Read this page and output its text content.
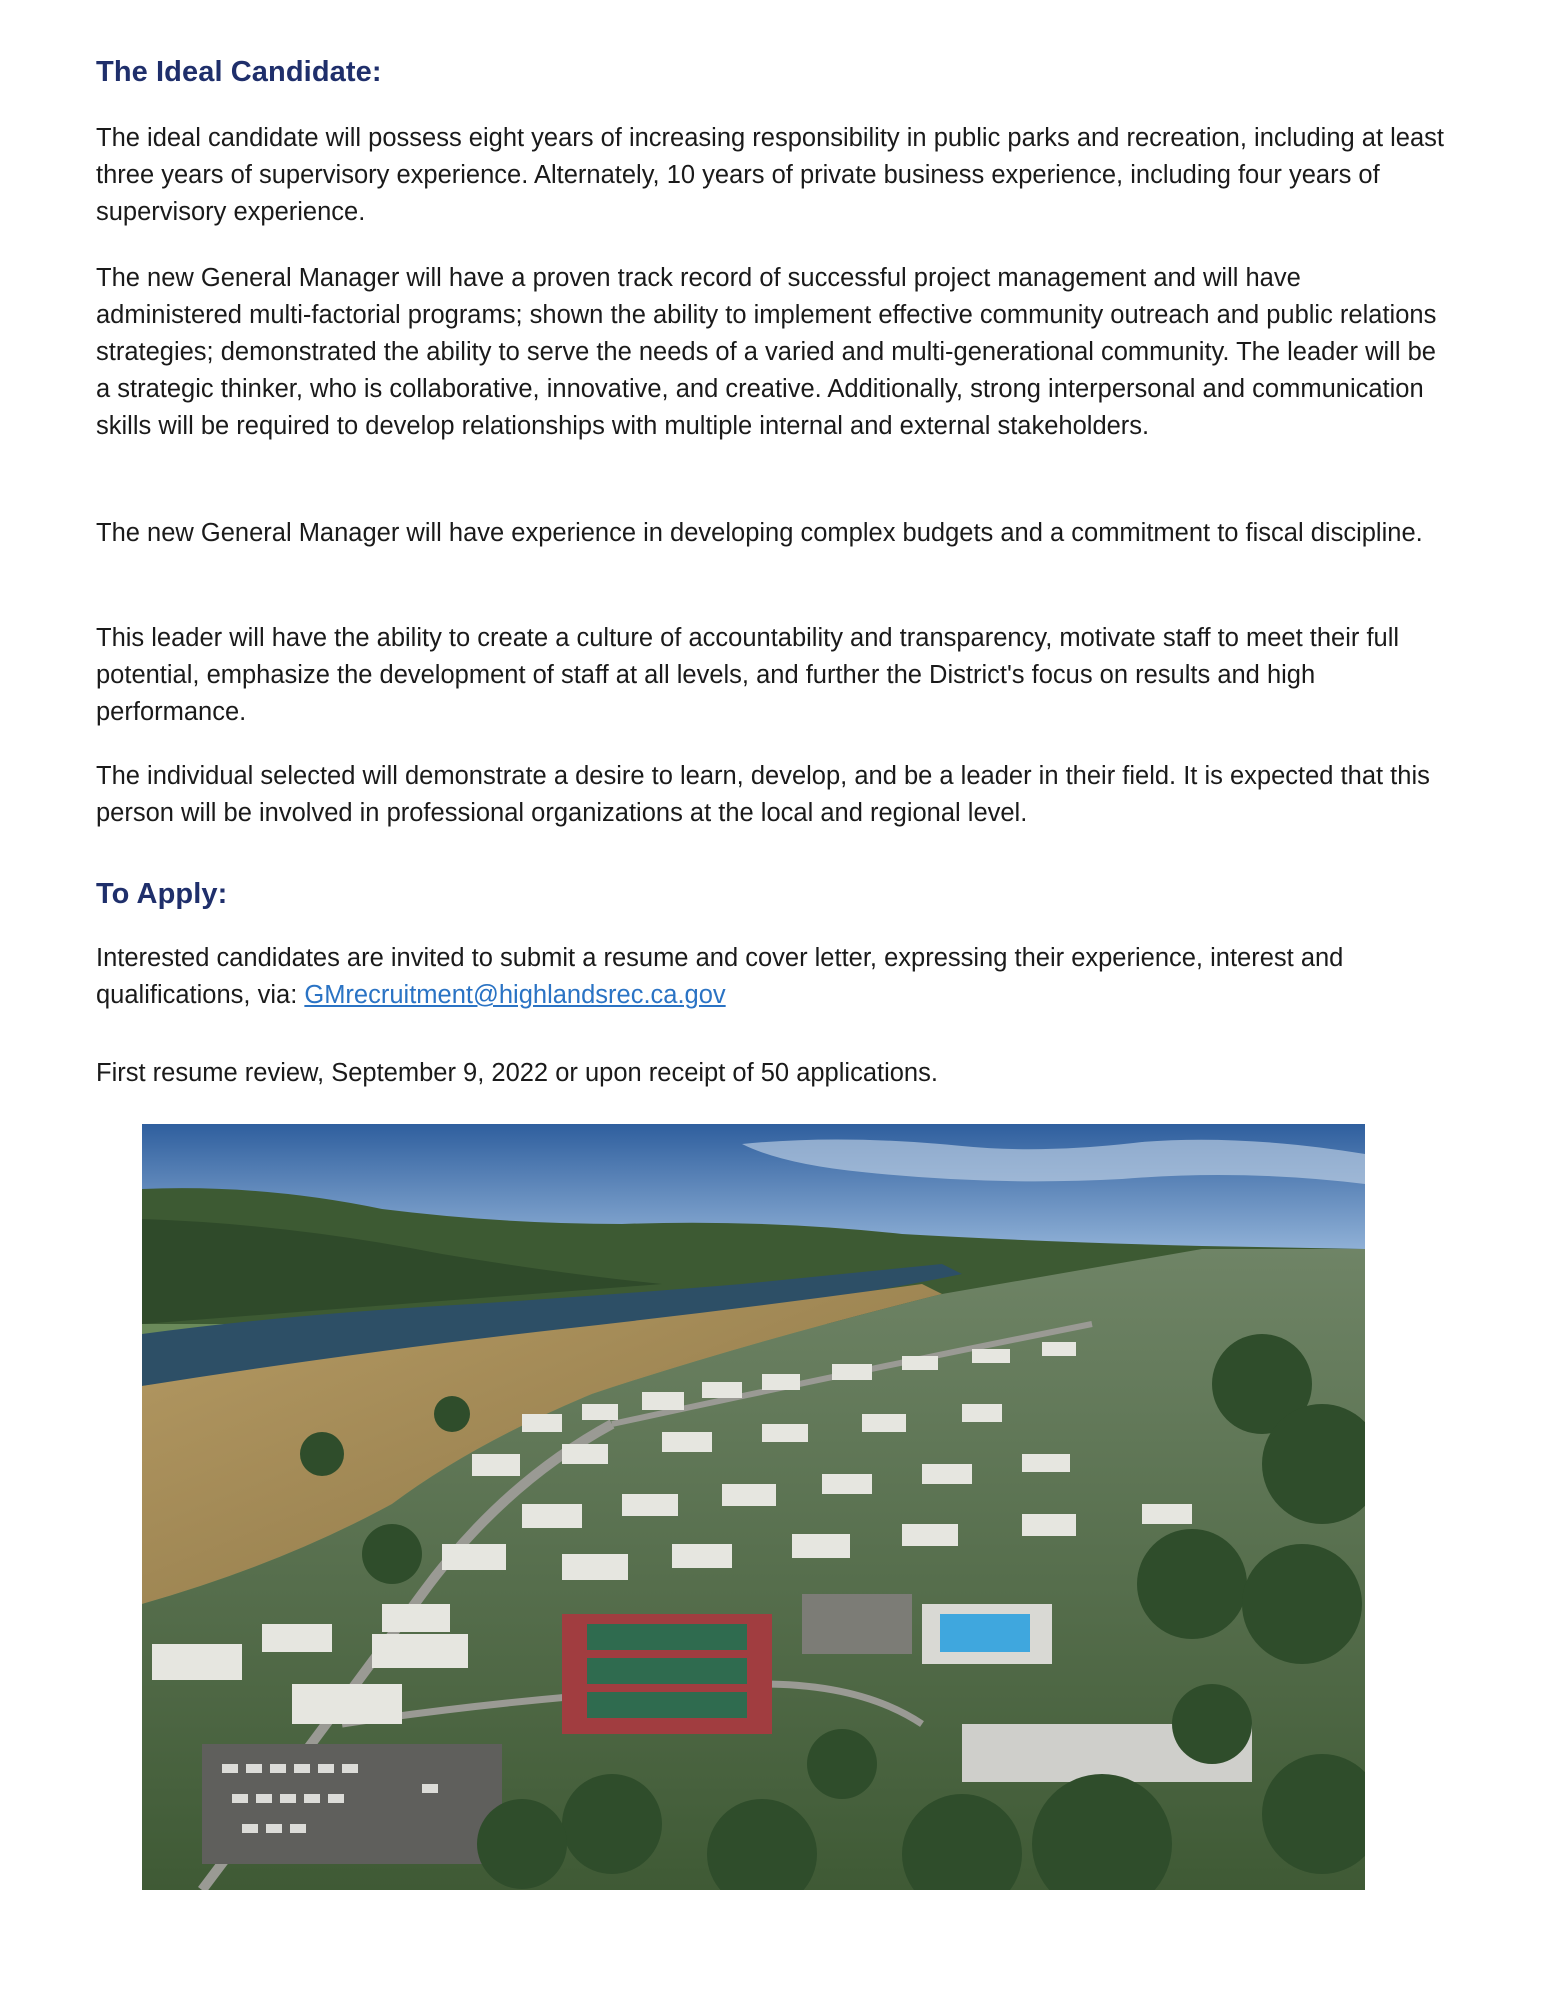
The Ideal Candidate:

The ideal candidate will possess eight years of increasing responsibility in public parks and recreation, including at least three years of supervisory experience. Alternately, 10 years of private business experience, including four years of supervisory experience.

The new General Manager will have a proven track record of successful project management and will have administered multi-factorial programs; shown the ability to implement effective community outreach and public relations strategies; demonstrated the ability to serve the needs of a varied and multi-generational community. The leader will be a strategic thinker, who is collaborative, innovative, and creative. Additionally, strong interpersonal and communication skills will be required to develop relationships with multiple internal and external stakeholders.

The new General Manager will have experience in developing complex budgets and a commitment to fiscal discipline.

This leader will have the ability to create a culture of accountability and transparency, motivate staff to meet their full potential, emphasize the development of staff at all levels, and further the District's focus on results and high performance.

The individual selected will demonstrate a desire to learn, develop, and be a leader in their field. It is expected that this person will be involved in professional organizations at the local and regional level.

To Apply:

Interested candidates are invited to submit a resume and cover letter, expressing their experience, interest and qualifications, via: GMrecruitment@highlandsrec.ca.gov

First resume review, September 9, 2022 or upon receipt of 50 applications.
